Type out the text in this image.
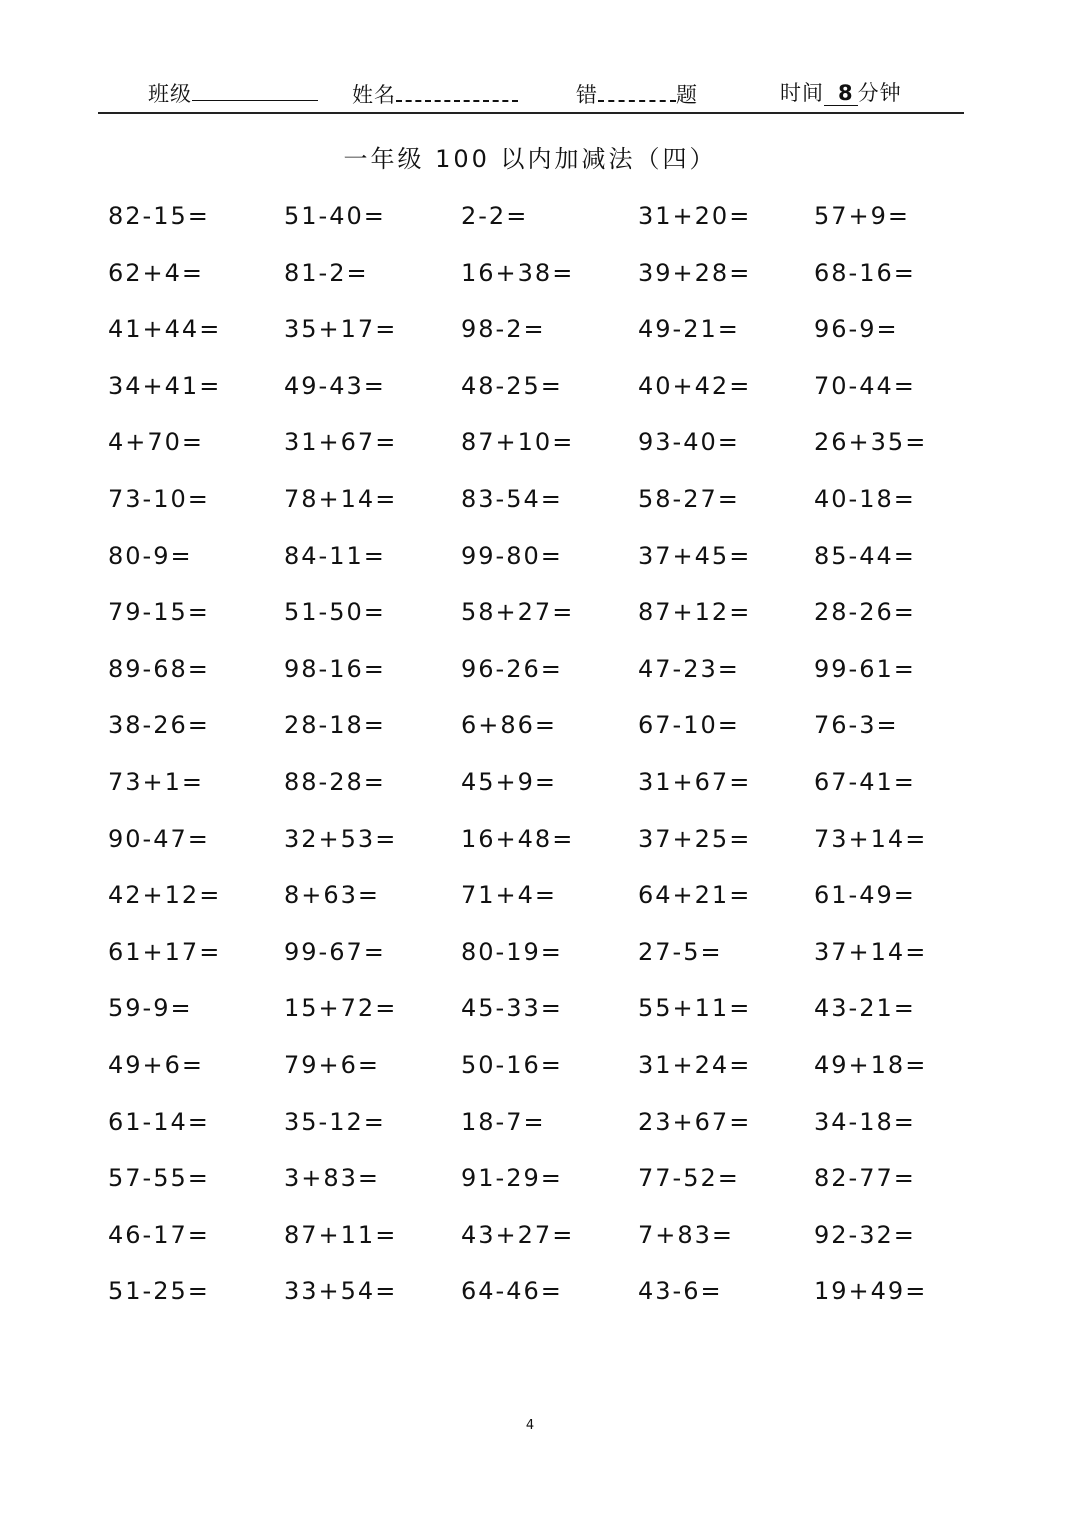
班级	姓名	错	题	时间 8 分钟
一年级 100 以内加减法（四）
82-15=	51-40=	2-2=	31+20=	57+9=
62+4=	81-2=	16+38=	39+28=	68-16=
41+44=	35+17=	98-2=	49-21=	96-9=
34+41=	49-43=	48-25=	40+42=	70-44=
4+70=	31+67=	87+10=	93-40=	26+35=
73-10=	78+14=	83-54=	58-27=	40-18=
80-9=	84-11=	99-80=	37+45=	85-44=
79-15=	51-50=	58+27=	87+12=	28-26=
89-68=	98-16=	96-26=	47-23=	99-61=
38-26=	28-18=	6+86=	67-10=	76-3=
73+1=	88-28=	45+9=	31+67=	67-41=
90-47=	32+53=	16+48=	37+25=	73+14=
42+12=	8+63=	71+4=	64+21=	61-49=
61+17=	99-67=	80-19=	27-5=	37+14=
59-9=	15+72=	45-33=	55+11=	43-21=
49+6=	79+6=	50-16=	31+24=	49+18=
61-14=	35-12=	18-7=	23+67=	34-18=
57-55=	3+83=	91-29=	77-52=	82-77=
46-17=	87+11=	43+27=	7+83=	92-32=
51-25=	33+54=	64-46=	43-6=	19+49=
4
